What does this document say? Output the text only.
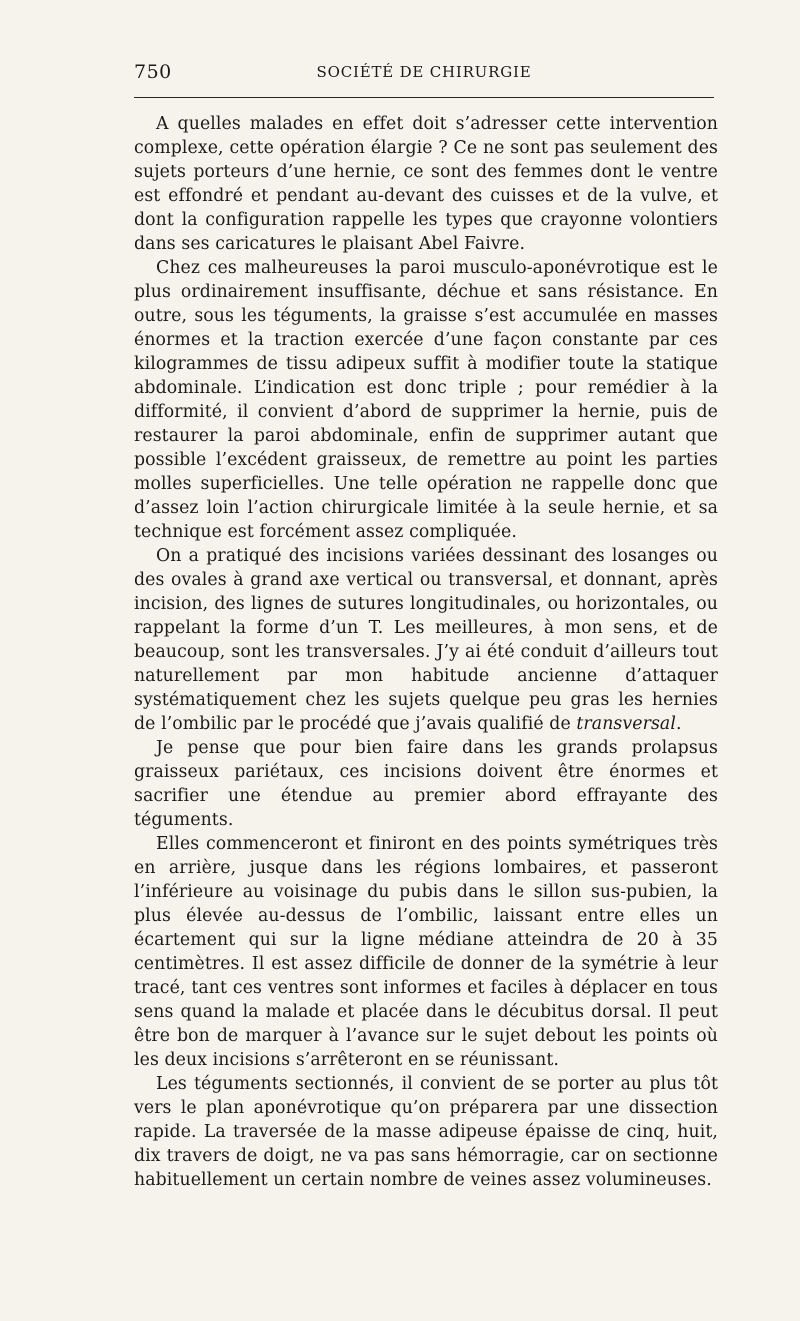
750	SOCIÉTÉ DE CHIRURGIE

A quelles malades en effet doit s’adresser cette intervention complexe, cette opération élargie ? Ce ne sont pas seulement des sujets porteurs d’une hernie, ce sont des femmes dont le ventre est effondré et pendant au-devant des cuisses et de la vulve, et dont la configuration rappelle les types que crayonne volontiers dans ses caricatures le plaisant Abel Faivre.

Chez ces malheureuses la paroi musculo-aponévrotique est le plus ordinairement insuffisante, déchue et sans résistance. En outre, sous les téguments, la graisse s’est accumulée en masses énormes et la traction exercée d’une façon constante par ces kilogrammes de tissu adipeux suffit à modifier toute la statique abdominale. L’indication est donc triple ; pour remédier à la difformité, il convient d’abord de supprimer la hernie, puis de restaurer la paroi abdominale, enfin de supprimer autant que possible l’excédent graisseux, de remettre au point les parties molles superficielles. Une telle opération ne rappelle donc que d’assez loin l’action chirurgicale limitée à la seule hernie, et sa technique est forcément assez compliquée.

On a pratiqué des incisions variées dessinant des losanges ou des ovales à grand axe vertical ou transversal, et donnant, après incision, des lignes de sutures longitudinales, ou horizontales, ou rappelant la forme d’un T. Les meilleures, à mon sens, et de beaucoup, sont les transversales. J’y ai été conduit d’ailleurs tout naturellement par mon habitude ancienne d’attaquer systématiquement chez les sujets quelque peu gras les hernies de l’ombilic par le procédé que j’avais qualifié de transversal.

Je pense que pour bien faire dans les grands prolapsus graisseux pariétaux, ces incisions doivent être énormes et sacrifier une étendue au premier abord effrayante des téguments.

Elles commenceront et finiront en des points symétriques très en arrière, jusque dans les régions lombaires, et passeront l’inférieure au voisinage du pubis dans le sillon sus-pubien, la plus élevée au-dessus de l’ombilic, laissant entre elles un écartement qui sur la ligne médiane atteindra de 20 à 35 centimètres. Il est assez difficile de donner de la symétrie à leur tracé, tant ces ventres sont informes et faciles à déplacer en tous sens quand la malade et placée dans le décubitus dorsal. Il peut être bon de marquer à l’avance sur le sujet debout les points où les deux incisions s’arrêteront en se réunissant.

Les téguments sectionnés, il convient de se porter au plus tôt vers le plan aponévrotique qu’on préparera par une dissection rapide. La traversée de la masse adipeuse épaisse de cinq, huit, dix travers de doigt, ne va pas sans hémorragie, car on sectionne habituellement un certain nombre de veines assez volumineuses.
